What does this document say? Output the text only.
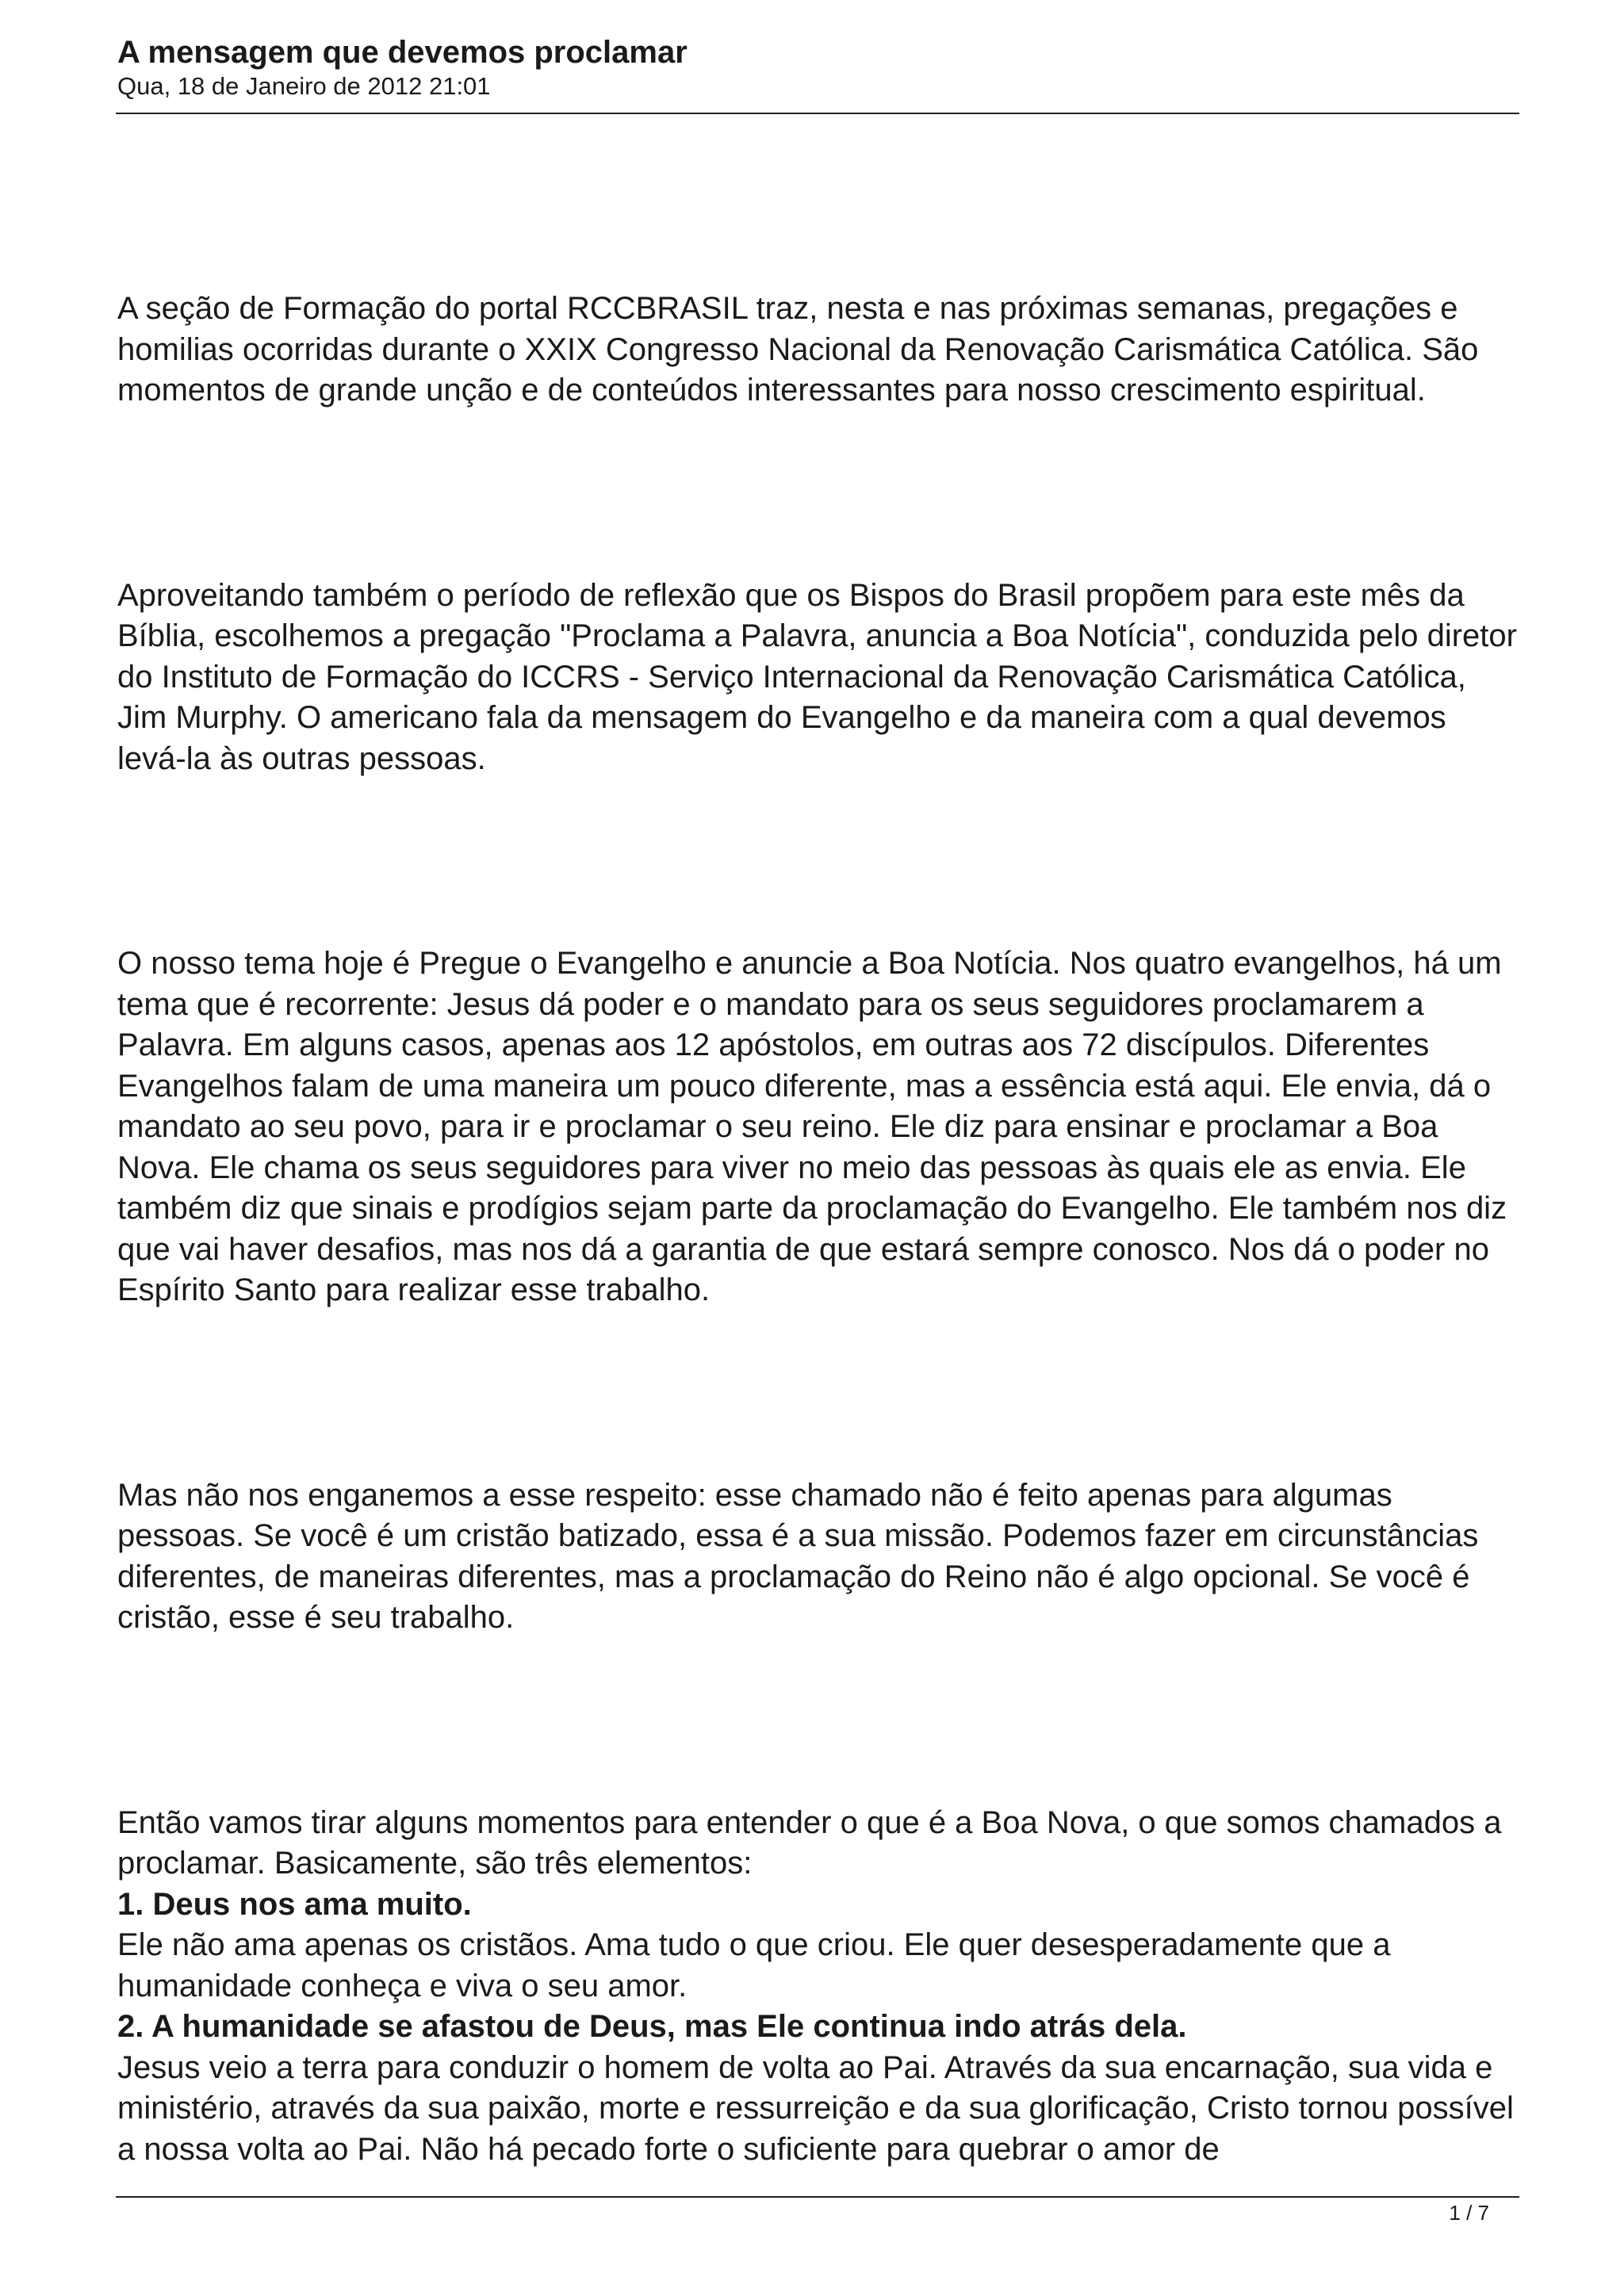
A mensagem que devemos proclamar

Qua, 18 de Janeiro de 2012 21:01

A seção de Formação do portal RCCBRASIL traz, nesta e nas próximas semanas, pregações e homilias ocorridas durante o XXIX Congresso Nacional da Renovação Carismática Católica. São momentos de grande unção e de conteúdos interessantes para nosso crescimento espiritual.

Aproveitando também o período de reflexão que os Bispos do Brasil propõem para este mês da Bíblia, escolhemos a pregação "Proclama a Palavra, anuncia a Boa Notícia", conduzida pelo diretor do Instituto de Formação do ICCRS - Serviço Internacional da Renovação Carismática Católica, Jim Murphy. O americano fala da mensagem do Evangelho e da maneira com a qual devemos levá-la às outras pessoas.

O nosso tema hoje é Pregue o Evangelho e anuncie a Boa Notícia. Nos quatro evangelhos, há um tema que é recorrente: Jesus dá poder e o mandato para os seus seguidores proclamarem a Palavra. Em alguns casos, apenas aos 12 apóstolos, em outras aos 72 discípulos. Diferentes Evangelhos falam de uma maneira um pouco diferente, mas a essência está aqui. Ele envia, dá o mandato ao seu povo, para ir e proclamar o seu reino. Ele diz para ensinar e proclamar a Boa Nova. Ele chama os seus seguidores para viver no meio das pessoas às quais ele as envia. Ele também diz que sinais e prodígios sejam parte da proclamação do Evangelho. Ele também nos diz que vai haver desafios, mas nos dá a garantia de que estará sempre conosco. Nos dá o poder no Espírito Santo para realizar esse trabalho.

Mas não nos enganemos a esse respeito: esse chamado não é feito apenas para algumas pessoas. Se você é um cristão batizado, essa é a sua missão. Podemos fazer em circunstâncias diferentes, de maneiras diferentes, mas a proclamação do Reino não é algo opcional. Se você é cristão, esse é seu trabalho.

Então vamos tirar alguns momentos para entender o que é a Boa Nova, o que somos chamados a proclamar. Basicamente, são três elementos:
1. Deus nos ama muito.
Ele não ama apenas os cristãos. Ama tudo o que criou. Ele quer desesperadamente que a humanidade conheça e viva o seu amor.
2. A humanidade se afastou de Deus, mas Ele continua indo atrás dela.
Jesus veio a terra para conduzir o homem de volta ao Pai. Através da sua encarnação, sua vida e ministério, através da sua paixão, morte e ressurreição e da sua glorificação, Cristo tornou possível a nossa volta ao Pai. Não há pecado forte o suficiente para quebrar o amor de

1 / 7
